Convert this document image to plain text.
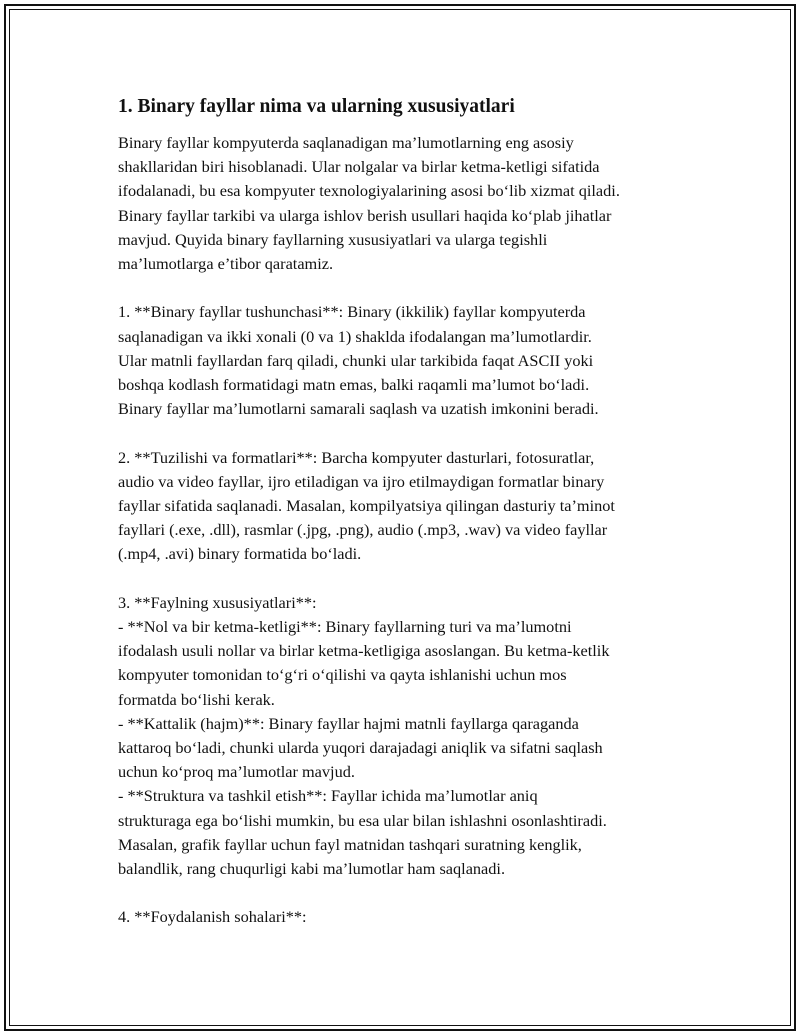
1. Binary fayllar nima va ularning xususiyatlari

Binary fayllar kompyuterda saqlanadigan ma’lumotlarning eng asosiy
shakllaridan biri hisoblanadi. Ular nolgalar va birlar ketma-ketligi sifatida
ifodalanadi, bu esa kompyuter texnologiyalarining asosi bo‘lib xizmat qiladi.
Binary fayllar tarkibi va ularga ishlov berish usullari haqida ko‘plab jihatlar
mavjud. Quyida binary fayllarning xususiyatlari va ularga tegishli
ma’lumotlarga e’tibor qaratamiz.

1. **Binary fayllar tushunchasi**: Binary (ikkilik) fayllar kompyuterda
saqlanadigan va ikki xonali (0 va 1) shaklda ifodalangan ma’lumotlardir.
Ular matnli fayllardan farq qiladi, chunki ular tarkibida faqat ASCII yoki
boshqa kodlash formatidagi matn emas, balki raqamli ma’lumot bo‘ladi.
Binary fayllar ma’lumotlarni samarali saqlash va uzatish imkonini beradi.

2. **Tuzilishi va formatlari**: Barcha kompyuter dasturlari, fotosuratlar,
audio va video fayllar, ijro etiladigan va ijro etilmaydigan formatlar binary
fayllar sifatida saqlanadi. Masalan, kompilyatsiya qilingan dasturiy ta’minot
fayllari (.exe, .dll), rasmlar (.jpg, .png), audio (.mp3, .wav) va video fayllar
(.mp4, .avi) binary formatida bo‘ladi.

3. **Faylning xususiyatlari**:
- **Nol va bir ketma-ketligi**: Binary fayllarning turi va ma’lumotni
ifodalash usuli nollar va birlar ketma-ketligiga asoslangan. Bu ketma-ketlik
kompyuter tomonidan to‘g‘ri o‘qilishi va qayta ishlanishi uchun mos
formatda bo‘lishi kerak.
- **Kattalik (hajm)**: Binary fayllar hajmi matnli fayllarga qaraganda
kattaroq bo‘ladi, chunki ularda yuqori darajadagi aniqlik va sifatni saqlash
uchun ko‘proq ma’lumotlar mavjud.
- **Struktura va tashkil etish**: Fayllar ichida ma’lumotlar aniq
strukturaga ega bo‘lishi mumkin, bu esa ular bilan ishlashni osonlashtiradi.
Masalan, grafik fayllar uchun fayl matnidan tashqari suratning kenglik,
balandlik, rang chuqurligi kabi ma’lumotlar ham saqlanadi.

4. **Foydalanish sohalari**:
